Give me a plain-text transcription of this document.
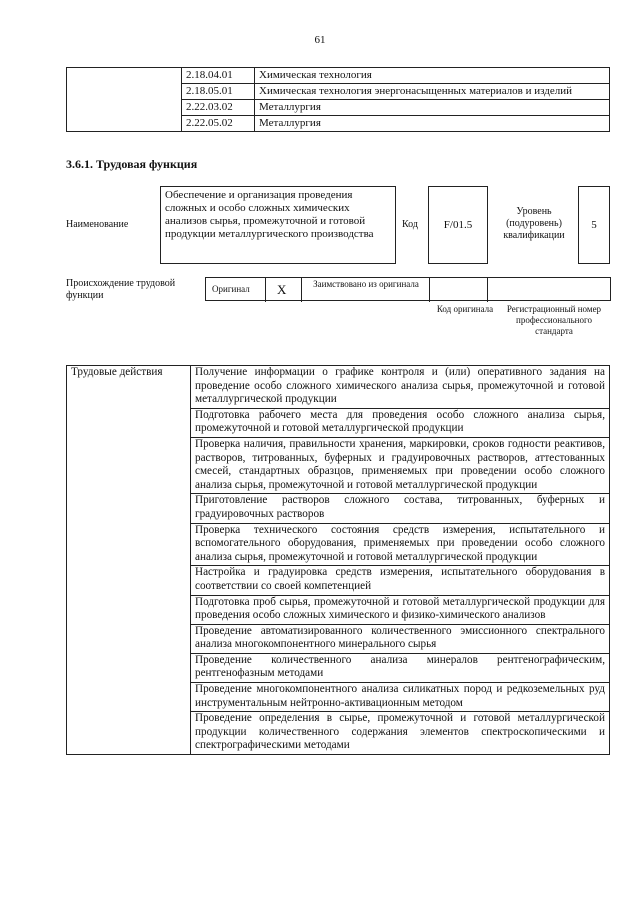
61
	2.18.04.01	Химическая технология
	2.18.05.01	Химическая технология энергонасыщенных материалов и изделий
	2.22.03.02	Металлургия
	2.22.05.02	Металлургия
3.6.1. Трудовая функция
Наименование
Обеспечение и организация проведения сложных и особо сложных химических анализов сырья, промежуточной и готовой продукции металлургического производства
Код F/01.5
Уровень (подуровень) квалификации
5
Происхождение трудовой функции
Оригинал X	Заимствовано из оригинала
Код оригинала	Регистрационный номер профессионального стандарта
Трудовые действия	Получение информации о графике контроля и (или) оперативного задания на проведение особо сложного химического анализа сырья, промежуточной и готовой металлургической продукции
Подготовка рабочего места для проведения особо сложного анализа сырья, промежуточной и готовой металлургической продукции
Проверка наличия, правильности хранения, маркировки, сроков годности реактивов, растворов, титрованных, буферных и градуировочных растворов, аттестованных смесей, стандартных образцов, применяемых при проведении особо сложного анализа сырья, промежуточной и готовой металлургической продукции
Приготовление растворов сложного состава, титрованных, буферных и градуировочных растворов
Проверка технического состояния средств измерения, испытательного и вспомогательного оборудования, применяемых при проведении особо сложного анализа сырья, промежуточной и готовой металлургической продукции
Настройка и градуировка средств измерения, испытательного оборудования в соответствии со своей компетенцией
Подготовка проб сырья, промежуточной и готовой металлургической продукции для проведения особо сложных химического и физико-химического анализов
Проведение автоматизированного количественного эмиссионного спектрального анализа многокомпонентного минерального сырья
Проведение количественного анализа минералов рентгенографическим, рентгенофазным методами
Проведение многокомпонентного анализа силикатных пород и редкоземельных руд инструментальным нейтронно-активационным методом
Проведение определения в сырье, промежуточной и готовой металлургической продукции количественного содержания элементов спектроскопическими и спектрографическими методами
